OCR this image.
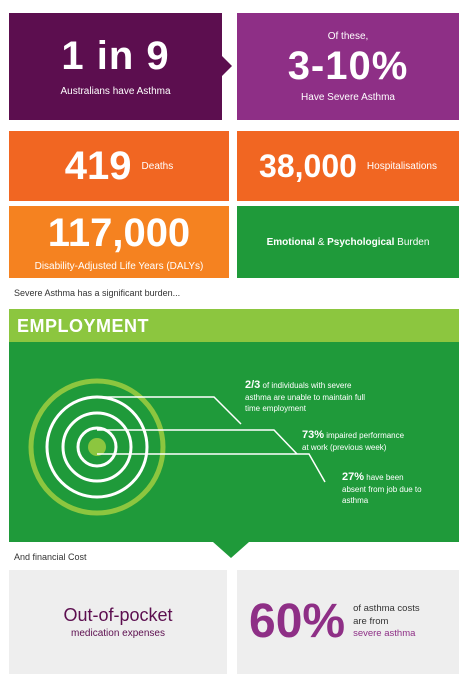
1 in 9
Australians have Asthma
Of these,
3-10%
Have Severe Asthma
419 Deaths	38,000 Hospitalisations
117,000
Disability-Adjusted Life Years (DALYs)
Emotional & Psychological Burden
Severe Asthma has a significant burden...
EMPLOYMENT
2/3 of individuals with severe
asthma are unable to maintain full
time employment
73% impaired performance
at work (previous week)
27% have been
absent from job due to
asthma
And financial Cost
Out-of-pocket
medication expenses 60% of asthma costs
are from
severe asthma
